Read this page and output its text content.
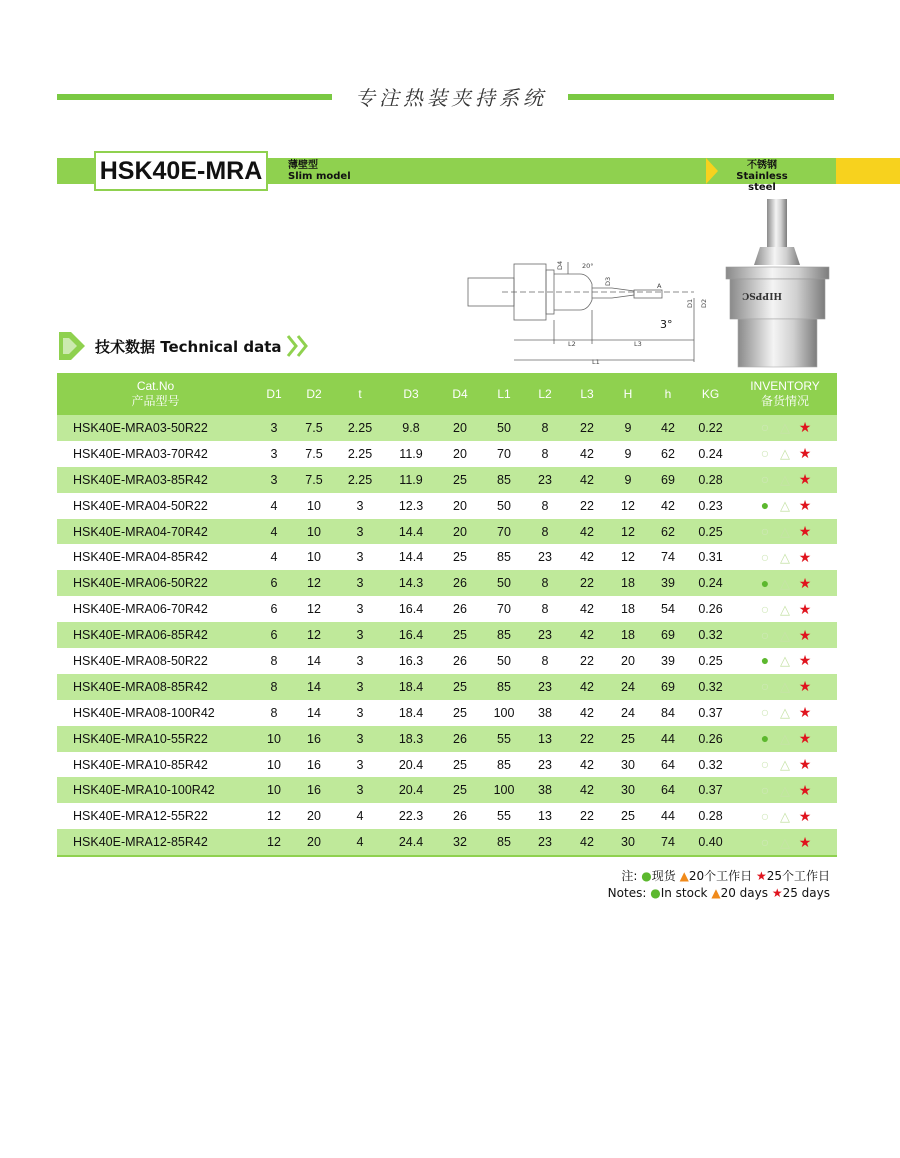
专注热装夹持系统
HSK40E-MRA	薄壁型
Slim model
不锈钢
Stainless steel
D4	20°
D3	A
D1 D2
3°
L2	L3
L1
HIPPSC
技术数据 Technical data
Cat.No
产品型号	D1	D2	t	D3	D4	L1	L2	L3	H	h	KG	INVENTORY
备货情况

HSK40E-MRA03-50R22	3	7.5	2.25	9.8	20	50	8	22	9	42	0.22	○ △ ★
HSK40E-MRA03-70R42	3	7.5	2.25	11.9	20	70	8	42	9	62	0.24	○ △ ★
HSK40E-MRA03-85R42	3	7.5	2.25	11.9	25	85	23	42	9	69	0.28	○ △ ★
HSK40E-MRA04-50R22	4	10	3	12.3	20	50	8	22	12	42	0.23	● △ ★
HSK40E-MRA04-70R42	4	10	3	14.4	20	70	8	42	12	62	0.25	○ △ ★
HSK40E-MRA04-85R42	4	10	3	14.4	25	85	23	42	12	74	0.31	○ △ ★
HSK40E-MRA06-50R22	6	12	3	14.3	26	50	8	22	18	39	0.24	● △ ★
HSK40E-MRA06-70R42	6	12	3	16.4	26	70	8	42	18	54	0.26	○ △ ★
HSK40E-MRA06-85R42	6	12	3	16.4	25	85	23	42	18	69	0.32	○ △ ★
HSK40E-MRA08-50R22	8	14	3	16.3	26	50	8	22	20	39	0.25	● △ ★
HSK40E-MRA08-85R42	8	14	3	18.4	25	85	23	42	24	69	0.32	○ △ ★
HSK40E-MRA08-100R42	8	14	3	18.4	25	100	38	42	24	84	0.37	○ △ ★
HSK40E-MRA10-55R22	10	16	3	18.3	26	55	13	22	25	44	0.26	● △ ★
HSK40E-MRA10-85R42	10	16	3	20.4	25	85	23	42	30	64	0.32	○ △ ★
HSK40E-MRA10-100R42	10	16	3	20.4	25	100	38	42	30	64	0.37	○ △ ★
HSK40E-MRA12-55R22	12	20	4	22.3	26	55	13	22	25	44	0.28	○ △ ★
HSK40E-MRA12-85R42	12	20	4	24.4	32	85	23	42	30	74	0.40	○ △ ★
注: ●现货 ▲20个工作日 ★25个工作日
Notes: ●In stock ▲20 days ★25 days
